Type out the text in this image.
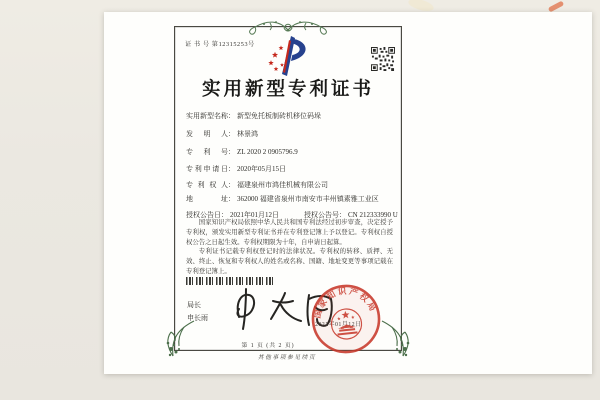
证 书 号 第12315253号
实用新型专利证书
实用新型名称： 新型免托板制砖机移位码垛
发明人： 林景鸿
专利号： ZL 2020 2 0905796.9
专利申请日： 2020年05月15日
专利权人： 福建泉州市鸿佳机械有限公司
地址： 362000 福建省泉州市南安市丰州镇素雅工业区
授权公告日： 2021年01月12日	授权公告号： CN 212333990 U

国家知识产权局依照中华人民共和国专利法经过初步审查，决定授予专利权，颁发实用新型专利证书并在专利登记簿上予以登记。专利权自授权公告之日起生效。专利权期限为十年，自申请日起算。

专利证书记载专利权登记时的法律状况。专利权的转移、质押、无效、终止、恢复和专利权人的姓名或名称、国籍、地址变更等事项记载在专利登记簿上。

局长
申长雨	国家知识产权局
第 1 页 (共 2 页)
其他事项参见续页
